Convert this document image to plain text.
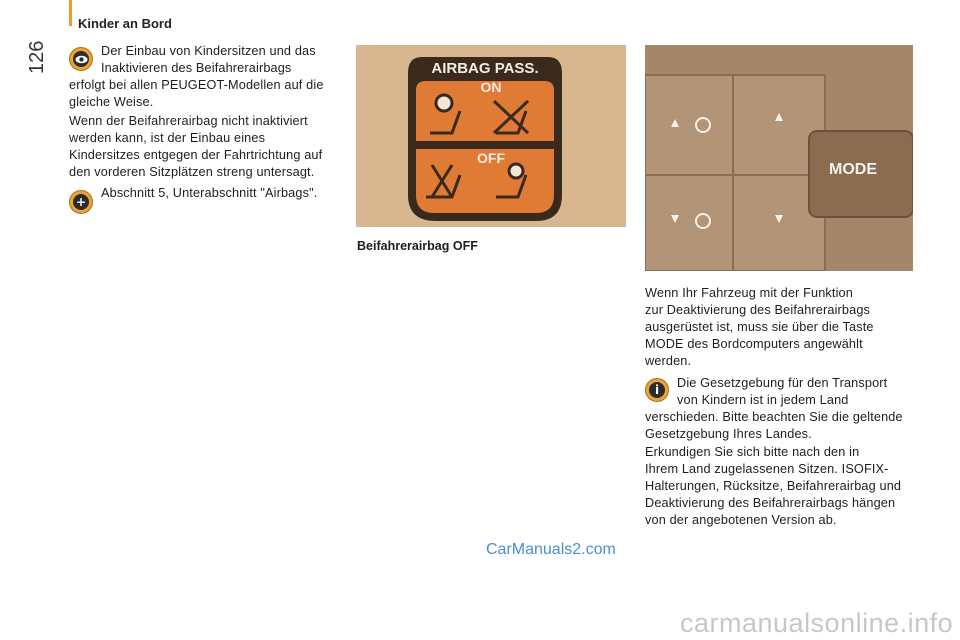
Kinder an Bord
126	Der Einbau von Kindersitzen und das

Inaktivieren des Beifahrerairbags

erfolgt bei allen PEUGEOT-Modellen auf die

gleiche Weise.

Wenn der Beifahrerairbag nicht inaktiviert

werden kann, ist der Einbau eines

Kindersitzes entgegen der Fahrtrichtung auf

den vorderen Sitzplätzen streng untersagt.

+

Abschnitt 5, Unterabschnitt "Airbags".

AIRBAG PASS.
ON
OFF
Beifahrerairbag OFF
MODE

Wenn Ihr Fahrzeug mit der Funktion

zur Deaktivierung des Beifahrerairbags

ausgerüstet ist, muss sie über die Taste

MODE des Bordcomputers angewählt

werden.

i	Die Gesetzgebung für den Transport

von Kindern ist in jedem Land

verschieden. Bitte beachten Sie die geltende

Gesetzgebung Ihres Landes.

Erkundigen Sie sich bitte nach den in

Ihrem Land zugelassenen Sitzen. ISOFIX-

Halterungen, Rücksitze, Beifahrerairbag und

Deaktivierung des Beifahrerairbags hängen

von der angebotenen Version ab.

CarManuals2.com
carmanualsonline.info
